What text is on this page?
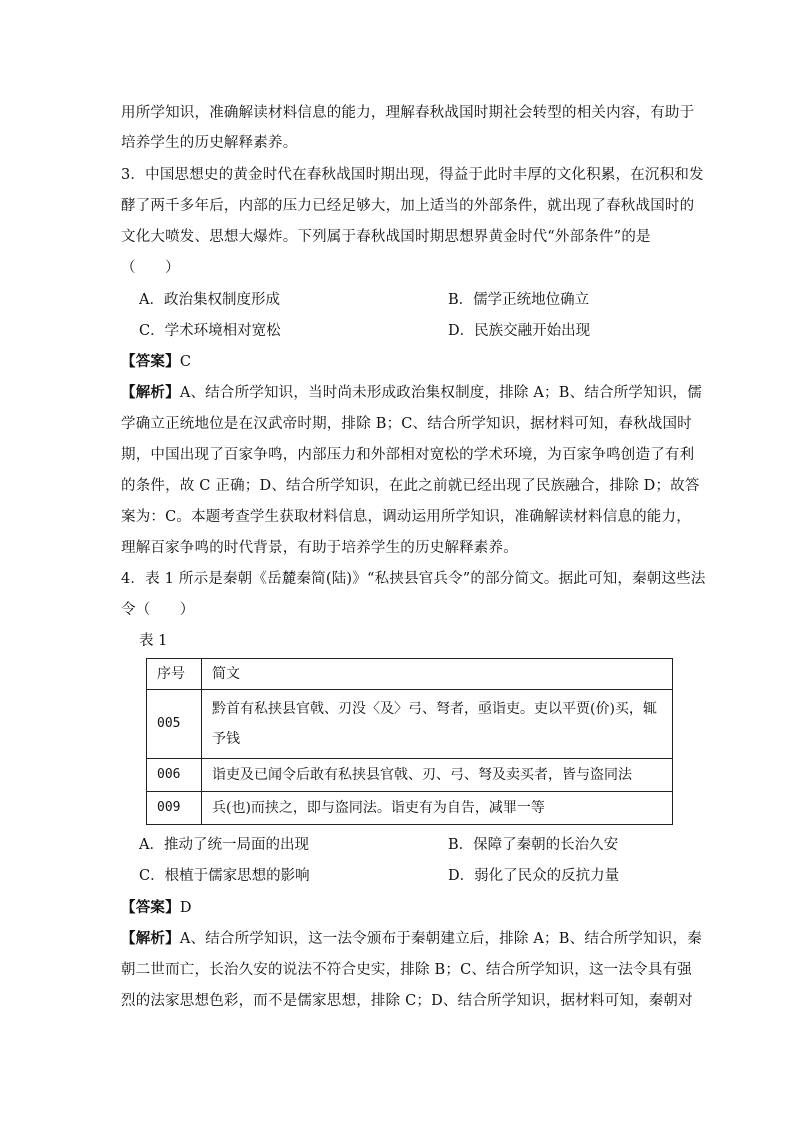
用所学知识，准确解读材料信息的能力，理解春秋战国时期社会转型的相关内容，有助于
培养学生的历史解释素养。
3．中国思想史的黄金时代在春秋战国时期出现，得益于此时丰厚的文化积累，在沉积和发
酵了两千多年后，内部的压力已经足够大，加上适当的外部条件，就出现了春秋战国时的
文化大喷发、思想大爆炸。下列属于春秋战国时期思想界黄金时代“外部条件”的是
（　　）
A．政治集权制度形成	B．儒学正统地位确立
C．学术环境相对宽松	D．民族交融开始出现
【答案】C
【解析】A、结合所学知识，当时尚未形成政治集权制度，排除 A；B、结合所学知识，儒
学确立正统地位是在汉武帝时期，排除 B；C、结合所学知识，据材料可知，春秋战国时
期，中国出现了百家争鸣，内部压力和外部相对宽松的学术环境，为百家争鸣创造了有利
的条件，故 C 正确；D、结合所学知识，在此之前就已经出现了民族融合，排除 D；故答
案为：C。本题考查学生获取材料信息，调动运用所学知识，准确解读材料信息的能力，
理解百家争鸣的时代背景，有助于培养学生的历史解释素养。
4．表 1 所示是秦朝《岳麓秦简(陆)》“私挟县官兵令”的部分简文。据此可知，秦朝这些法
令（　　）
表 1
序号	简文
005	黔首有私挟县官戟、刃没〈及〉弓、弩者，亟诣吏。吏以平贾(价)买，辄予钱
006	诣吏及已闻令后敢有私挟县官戟、刃、弓、弩及卖买者，皆与盗同法
009	兵(也)而挟之，即与盗同法。诣吏有为自告，减罪一等
A．推动了统一局面的出现	B．保障了秦朝的长治久安
C．根植于儒家思想的影响	D．弱化了民众的反抗力量
【答案】D
【解析】A、结合所学知识，这一法令颁布于秦朝建立后，排除 A；B、结合所学知识，秦
朝二世而亡，长治久安的说法不符合史实，排除 B；C、结合所学知识，这一法令具有强
烈的法家思想色彩，而不是儒家思想，排除 C；D、结合所学知识，据材料可知，秦朝对
